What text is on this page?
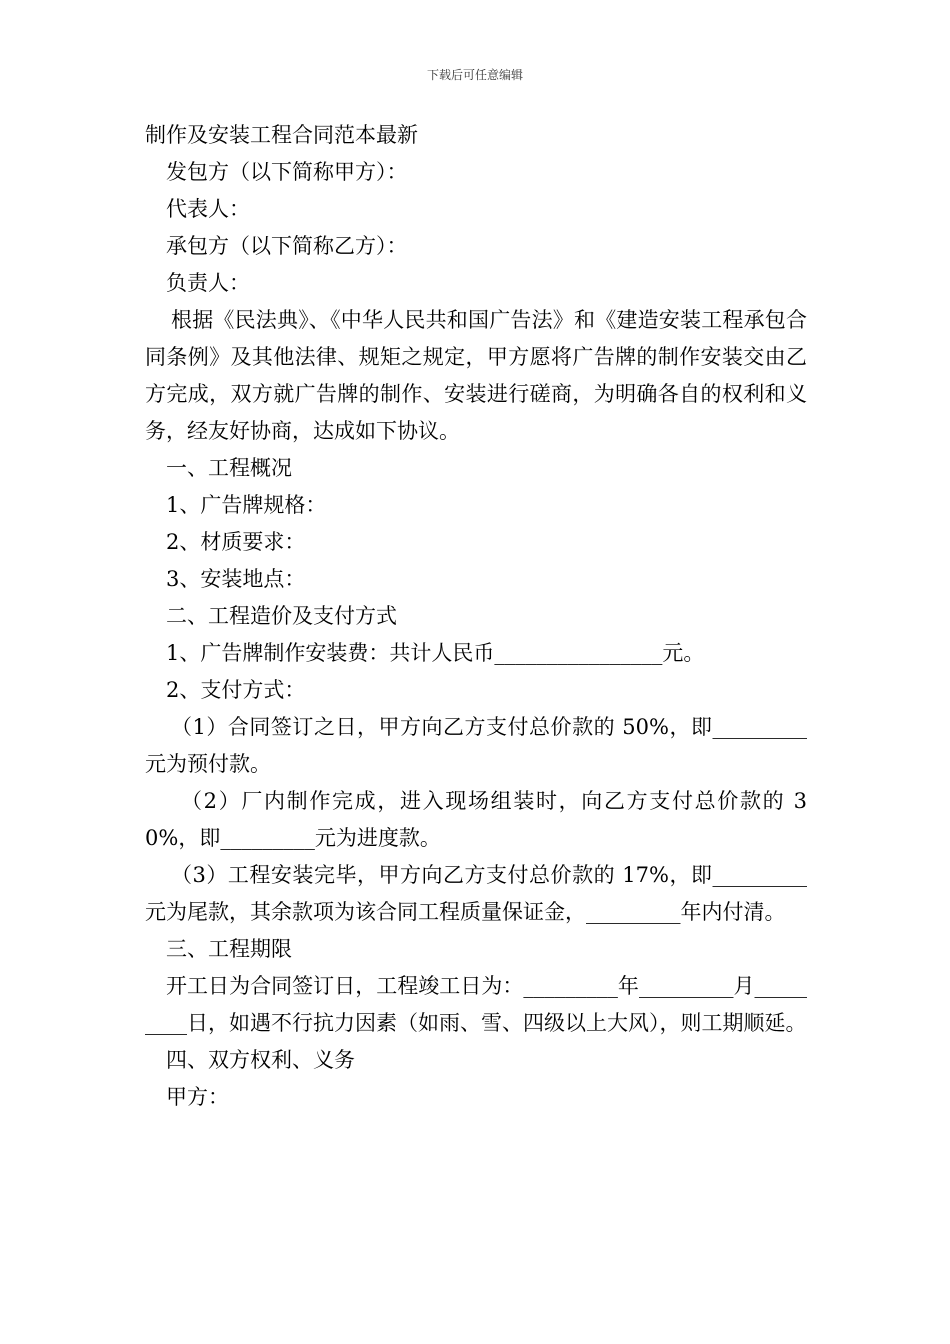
下载后可任意编辑

制作及安装工程合同范本最新

发包方（以下简称甲方）：

代表人：

承包方（以下简称乙方）：

负责人：

根据《民法典》、《中华人民共和国广告法》和《建造安装工程承包合同条例》及其他法律、规矩之规定，甲方愿将广告牌的制作安装交由乙方完成，双方就广告牌的制作、安装进行磋商，为明确各自的权利和义务，经友好协商，达成如下协议。

一、工程概况

1、广告牌规格：

2、材质要求：

3、安装地点：

二、工程造价及支付方式

1、广告牌制作安装费：共计人民币________________元。

2、支付方式：

（1）合同签订之日，甲方向乙方支付总价款的 50%，即_________元为预付款。

（2）厂内制作完成，进入现场组装时，向乙方支付总价款的 30%，即_________元为进度款。

（3）工程安装完毕，甲方向乙方支付总价款的 17%，即_________元为尾款，其余款项为该合同工程质量保证金，_________年内付清。

三、工程期限

开工日为合同签订日，工程竣工日为：_________年_________月_________日，如遇不行抗力因素（如雨、雪、四级以上大风），则工期顺延。

四、双方权利、义务

甲方：
